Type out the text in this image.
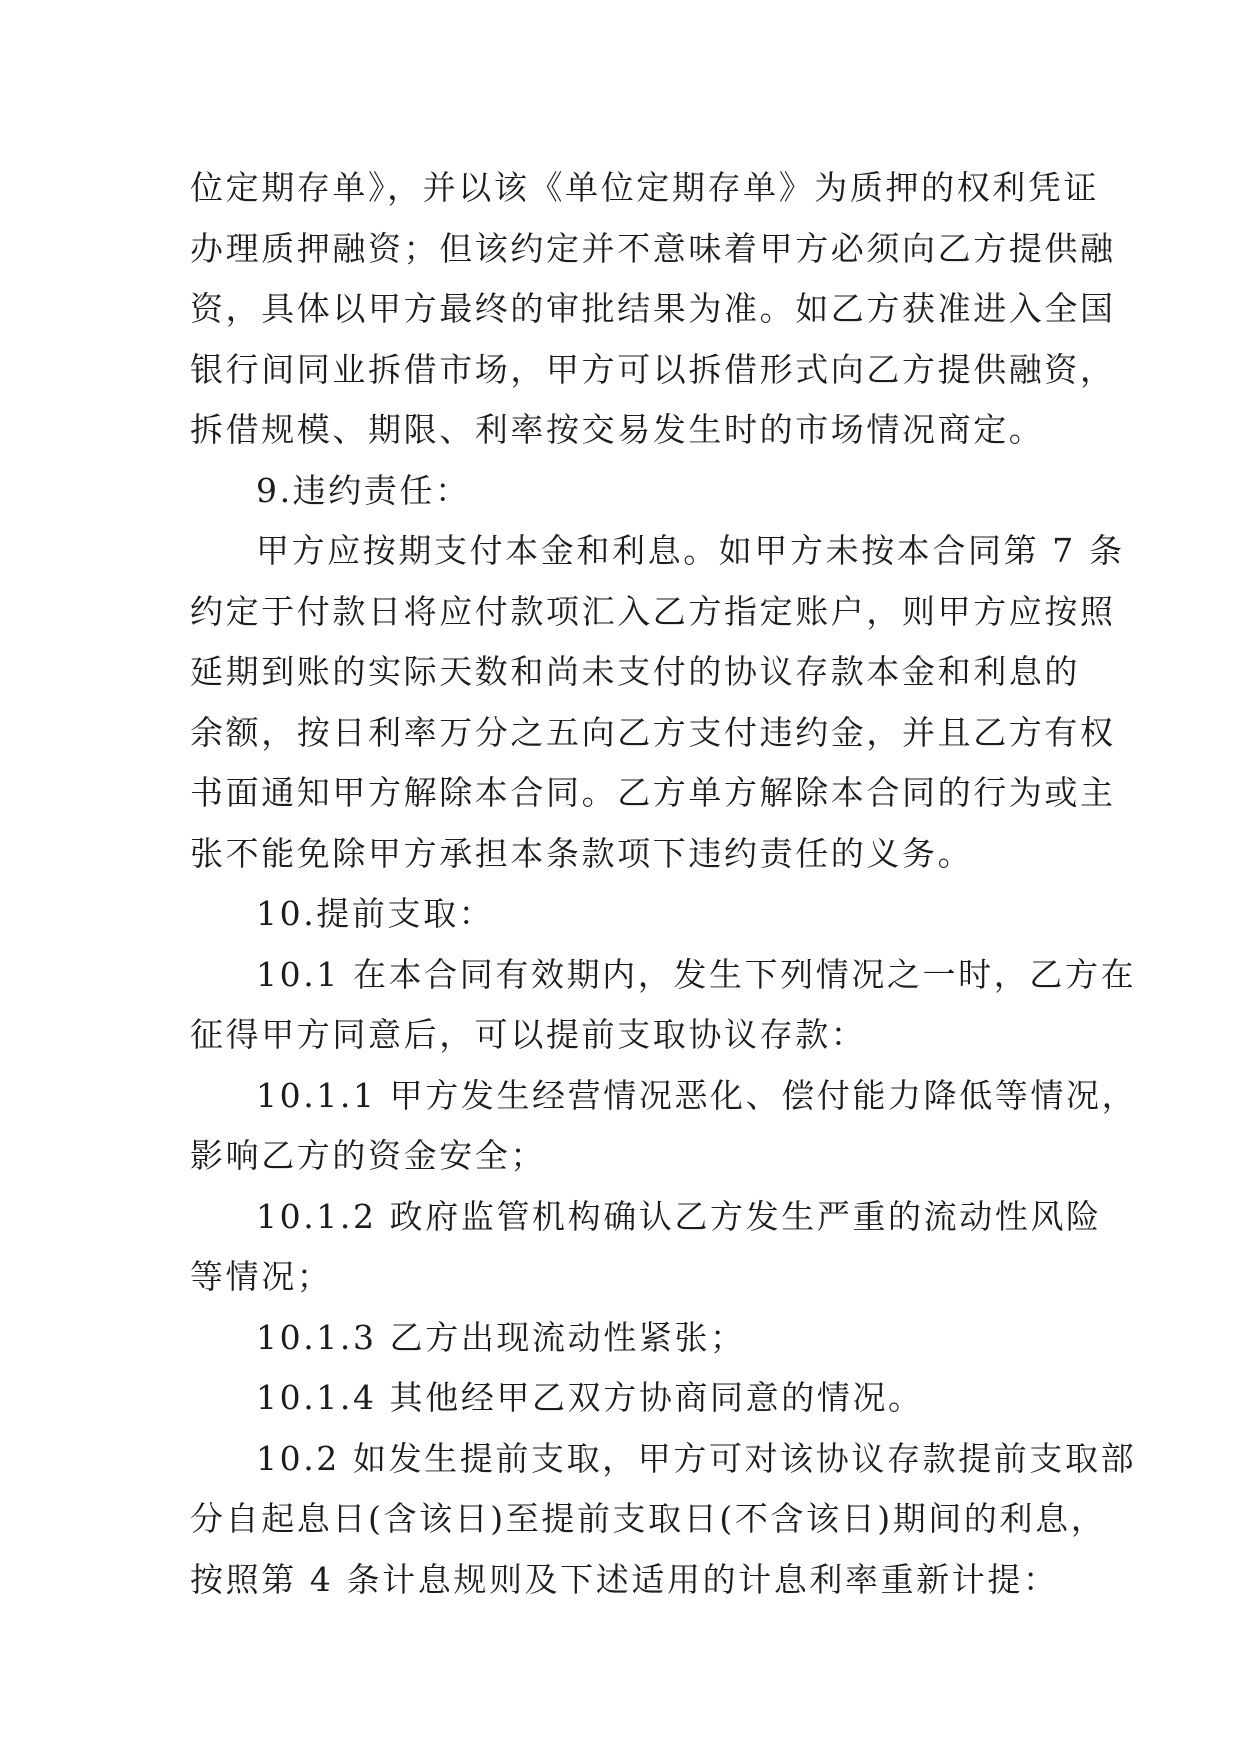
位定期存单》，并以该《单位定期存单》为质押的权利凭证
办理质押融资；但该约定并不意味着甲方必须向乙方提供融
资，具体以甲方最终的审批结果为准。如乙方获准进入全国
银行间同业拆借市场，甲方可以拆借形式向乙方提供融资，
拆借规模、期限、利率按交易发生时的市场情况商定。
9.违约责任：
甲方应按期支付本金和利息。如甲方未按本合同第 7 条
约定于付款日将应付款项汇入乙方指定账户，则甲方应按照
延期到账的实际天数和尚未支付的协议存款本金和利息的
余额，按日利率万分之五向乙方支付违约金，并且乙方有权
书面通知甲方解除本合同。乙方单方解除本合同的行为或主
张不能免除甲方承担本条款项下违约责任的义务。
10.提前支取：
10.1 在本合同有效期内，发生下列情况之一时，乙方在
征得甲方同意后，可以提前支取协议存款：
10.1.1 甲方发生经营情况恶化、偿付能力降低等情况，
影响乙方的资金安全；
10.1.2 政府监管机构确认乙方发生严重的流动性风险
等情况；
10.1.3 乙方出现流动性紧张；
10.1.4 其他经甲乙双方协商同意的情况。
10.2 如发生提前支取，甲方可对该协议存款提前支取部
分自起息日(含该日)至提前支取日(不含该日)期间的利息，
按照第 4 条计息规则及下述适用的计息利率重新计提：
